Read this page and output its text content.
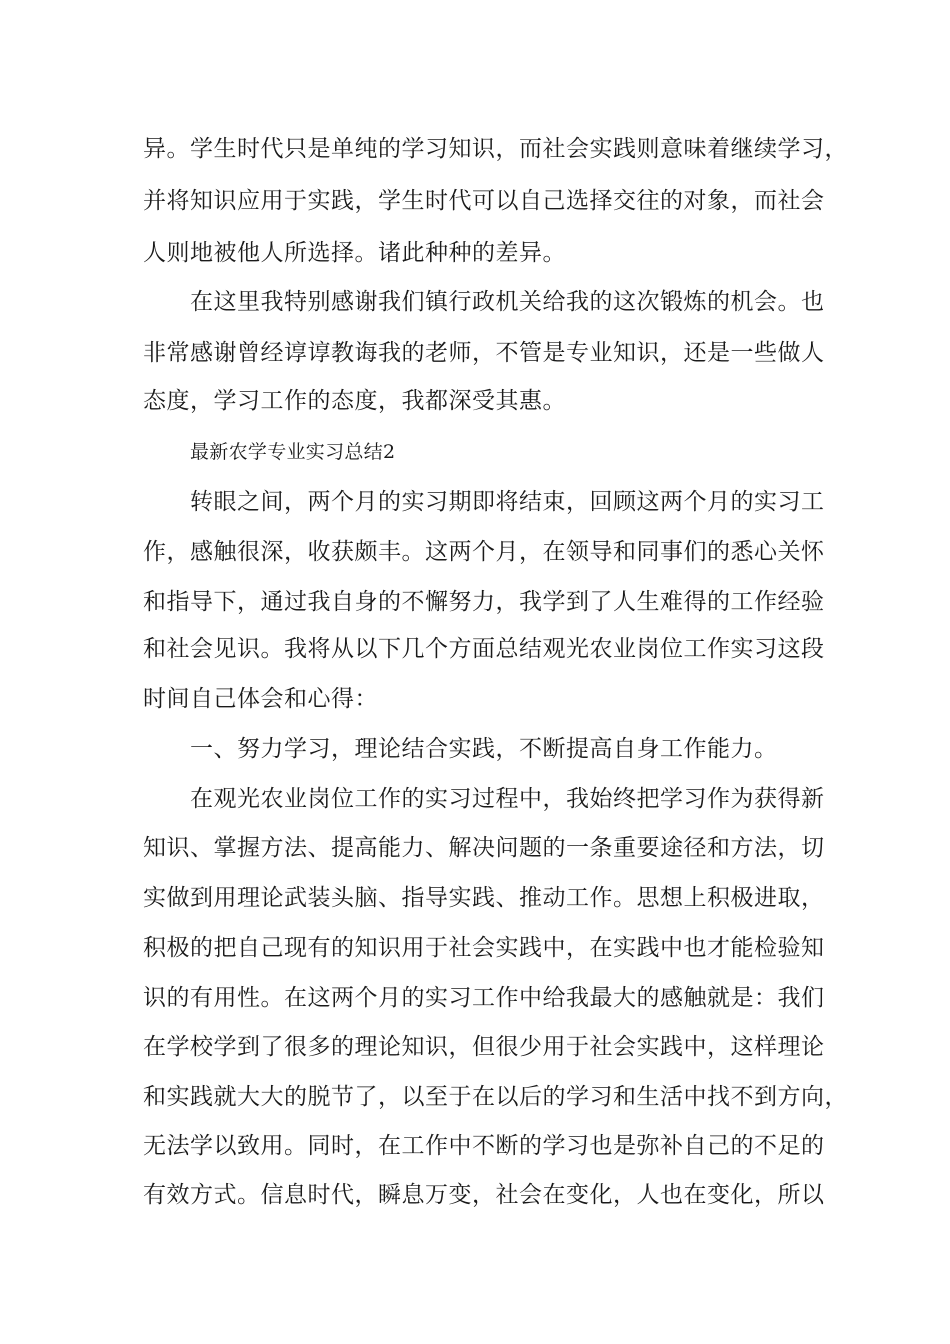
异。学生时代只是单纯的学习知识，而社会实践则意味着继续学习，
并将知识应用于实践，学生时代可以自己选择交往的对象，而社会
人则地被他人所选择。诸此种种的差异。
在这里我特别感谢我们镇行政机关给我的这次锻炼的机会。也
非常感谢曾经谆谆教诲我的老师，不管是专业知识，还是一些做人
态度，学习工作的态度，我都深受其惠。
最新农学专业实习总结2
转眼之间，两个月的实习期即将结束，回顾这两个月的实习工
作，感触很深，收获颇丰。这两个月，在领导和同事们的悉心关怀
和指导下，通过我自身的不懈努力，我学到了人生难得的工作经验
和社会见识。我将从以下几个方面总结观光农业岗位工作实习这段
时间自己体会和心得：
一、努力学习，理论结合实践，不断提高自身工作能力。
在观光农业岗位工作的实习过程中，我始终把学习作为获得新
知识、掌握方法、提高能力、解决问题的一条重要途径和方法，切
实做到用理论武装头脑、指导实践、推动工作。思想上积极进取，
积极的把自己现有的知识用于社会实践中，在实践中也才能检验知
识的有用性。在这两个月的实习工作中给我最大的感触就是：我们
在学校学到了很多的理论知识，但很少用于社会实践中，这样理论
和实践就大大的脱节了，以至于在以后的学习和生活中找不到方向，
无法学以致用。同时，在工作中不断的学习也是弥补自己的不足的
有效方式。信息时代，瞬息万变，社会在变化，人也在变化，所以
